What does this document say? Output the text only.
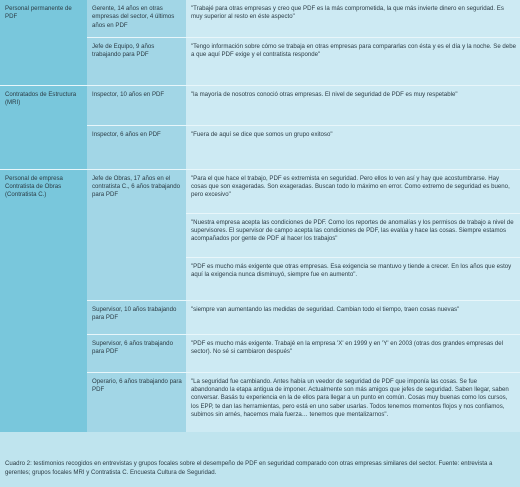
Personal permanente de PDF	Gerente, 14 años en otras empresas del sector, 4 últimos años en PDF	"Trabajé para otras empresas y creo que PDF es la más comprometida, la que más invierte dinero en seguridad. Es muy superior al resto en éste aspecto"
	Jefe de Equipo, 9 años trabajando para PDF	"Tengo información sobre cómo se trabaja en otras empresas para compararlas con ésta y es el día y la noche. Se debe a que aquí PDF exige y el contratista responde"
Contratados de Estructura (MRI)	Inspector, 10 años en PDF	"la mayoría de nosotros conoció otras empresas. El nivel de seguridad de PDF es muy respetable"
	Inspector, 6 años en PDF	"Fuera de aquí se dice que somos un grupo exitoso"
Personal de empresa Contratista de Obras (Contratista C.)	Jefe de Obras, 17 años en el contratista C., 6 años trabajando para PDF	"Para el que hace el trabajo, PDF es extremista en seguridad. Pero ellos lo ven así y hay que acostumbrarse. Hay cosas que son exageradas. Son exageradas. Buscan todo lo máximo en error. Como extremo de seguridad es bueno, pero excesivo"
		"Nuestra empresa acepta las condiciones de PDF. Como los reportes de anomalías y los permisos de trabajo a nivel de supervisores. El supervisor de campo acepta las condiciones de PDF, las evalúa y hace las cosas. Siempre estamos acompañados por gente de PDF al hacer los trabajos"
		"PDF es mucho más exigente que otras empresas. Esa exigencia se mantuvo y tiende a crecer. En los años que estoy aquí la exigencia nunca disminuyó, siempre fue en aumento".
	Supervisor, 10 años trabajando para PDF	"siempre van aumentando las medidas de seguridad. Cambian todo el tiempo, traen cosas nuevas"
	Supervisor, 6 años trabajando para PDF	"PDF es mucho más exigente. Trabajé en la empresa 'X' en 1999 y en 'Y' en 2003 (otras dos grandes empresas del sector). No sé si cambiaron después"
	Operario, 6 años trabajando para PDF	"La seguridad fue cambiando. Antes había un veedor de seguridad de PDF que imponía las cosas. Se fue abandonando la etapa antigua de imponer. Actualmente son más amigos que jefes de seguridad. Saben llegar, saben conversar. Basás tu experiencia en la de ellos para llegar a un punto en común. Cosas muy buenas como los cursos, los EPP, te dan las herramientas, pero está en uno saber usarlas. Todos tenemos momentos flojos y nos confiamos, subimos sin arnés, hacemos mala fuerza… tenemos que mentalizarnos".
Cuadro 2: testimonios recogidos en entrevistas y grupos focales sobre el desempeño de PDF en seguridad comparado con otras empresas similares del sector. Fuente: entrevista a gerentes; grupos focales MRI y Contratista C. Encuesta Cultura de Seguridad.
